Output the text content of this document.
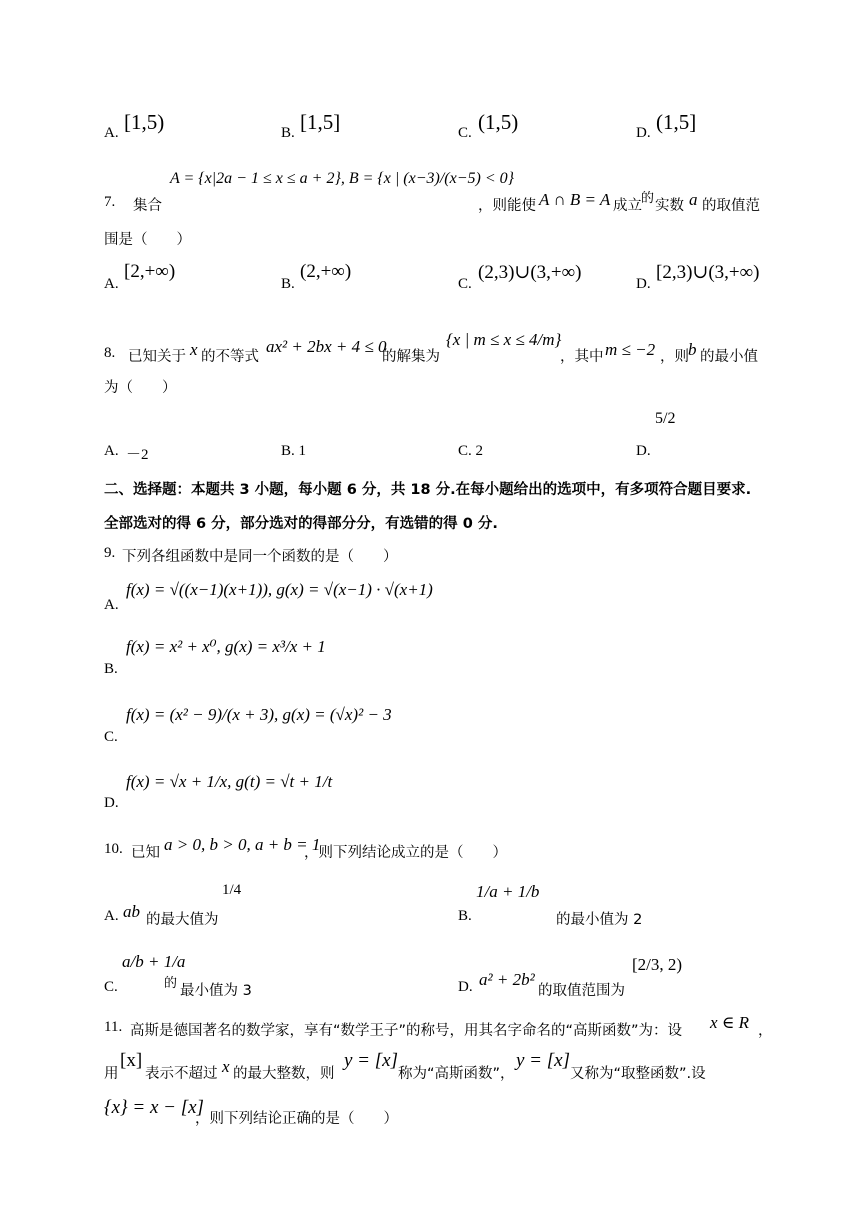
A. [1,5)	B. [1,5]	C. (1,5)	D. (1,5]
7. 集合
A = {x|2a − 1 ≤ x ≤ a + 2}, B = {x | (x−3)/(x−5) < 0}
，则能使 A ∩ B = A 成立 的 实数 a 的取值范
围是（　　）
A.
[2,+∞)
B.
(2,+∞)
C.
(2,3)∪(3,+∞)
D.
[2,3)∪(3,+∞)
8. 已知关于 x 的不等式
ax² + 2bx + 4 ≤ 0
的解集为
{x | m ≤ x ≤ 4/m}
，其中 m ≤ −2 ，则 b 的最小值
为（　　）
A. －2	B. 1	C. 2	D.
5/2
二、选择题：本题共 3 小题，每小题 6 分，共 18 分.在每小题给出的选项中，有多项符合题目要求.
全部选对的得 6 分，部分选对的得部分分，有选错的得 0 分.
9. 下列各组函数中是同一个函数的是（　　）
A.
f(x) = √((x−1)(x+1)), g(x) = √(x−1) · √(x+1)
B.
f(x) = x² + x⁰, g(x) = x³/x + 1
C.
f(x) = (x² − 9)/(x + 3), g(x) = (√x)² − 3
D.
f(x) = √x + 1/x, g(t) = √t + 1/t
10. 已知 a > 0, b > 0, a + b = 1
，则下列结论成立的是（　　）
A. ab 的最大值为
1/4
B.
1/a + 1/b
的最小值为 2
C.
a/b + 1/a
的 最小值为 3	D. a² + 2b²
的取值范围为
[2/3, 2)
11. 高斯是德国著名的数学家，享有“数学王子”的称号，用其名字命名的“高斯函数”为：设 x ∈ R ，
用
[x]
表示不超过 x 的最大整数，则
y = [x]
称为“高斯函数”，
y = [x]
又称为“取整函数”.设
{x} = x − [x]
，则下列结论正确的是（　　）
